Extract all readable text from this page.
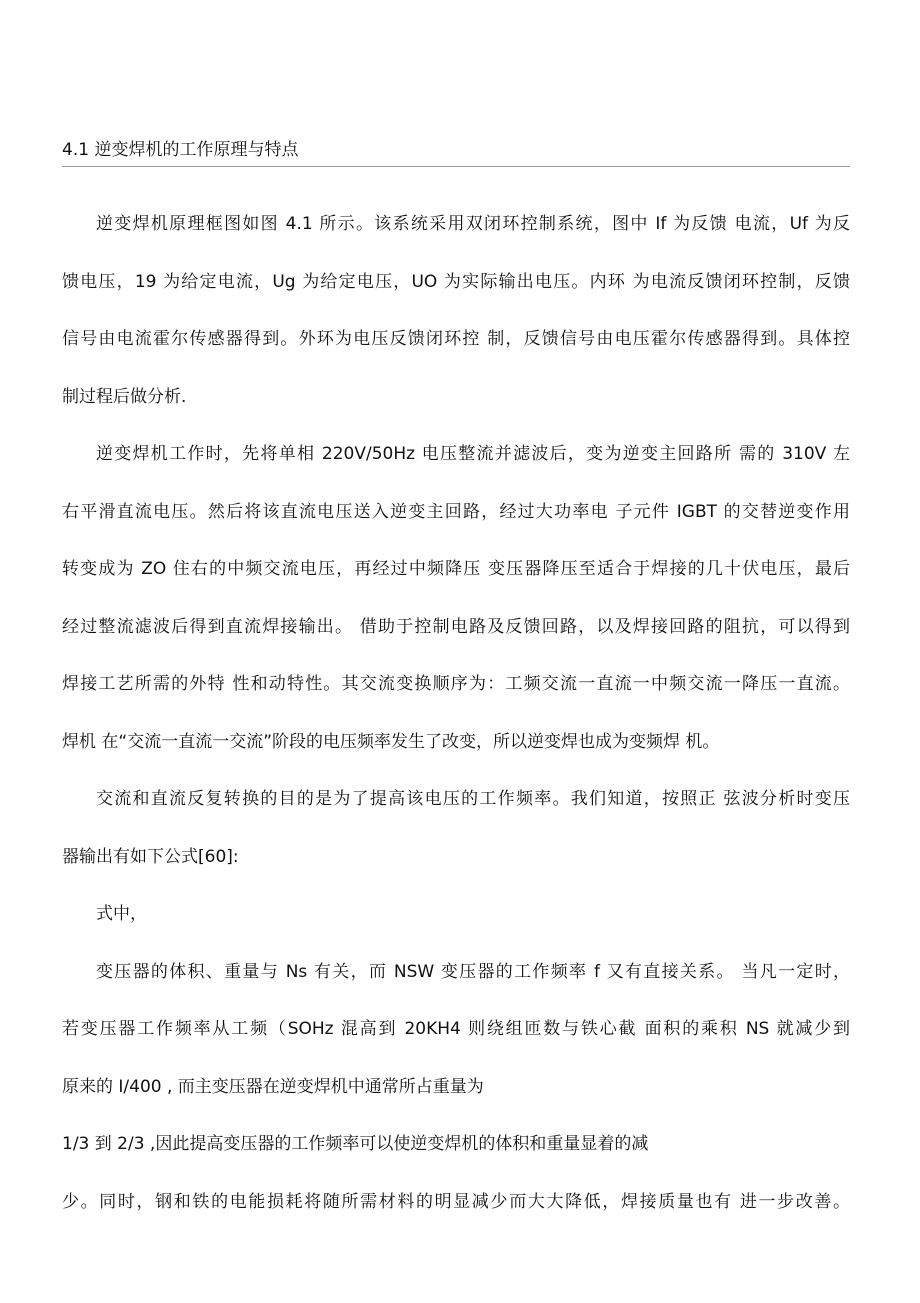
4.1 逆变焊机的工作原理与特点
逆变焊机原理框图如图 4.1 所示。该系统采用双闭环控制系统，图中 If 为反馈 电流，Uf 为反
馈电压，19 为给定电流，Ug 为给定电压，UO 为实际输出电压。内环 为电流反馈闭环控制，反馈
信号由电流霍尔传感器得到。外环为电压反馈闭环控 制，反馈信号由电压霍尔传感器得到。具体控
制过程后做分析.
逆变焊机工作时，先将单相 220V/50Hz 电压整流并滤波后，变为逆变主回路所 需的 310V 左
右平滑直流电压。然后将该直流电压送入逆变主回路，经过大功率电 子元件 IGBT 的交替逆变作用
转变成为 ZO 住右的中频交流电压，再经过中频降压 变压器降压至适合于焊接的几十伏电压，最后
经过整流滤波后得到直流焊接输出。 借助于控制电路及反馈回路，以及焊接回路的阻抗，可以得到
焊接工艺所需的外特 性和动特性。其交流变换顺序为：工频交流一直流一中频交流一降压一直流。
焊机 在“交流一直流一交流”阶段的电压频率发生了改变，所以逆变焊也成为变频焊 机。
交流和直流反复转换的目的是为了提高该电压的工作频率。我们知道，按照正 弦波分析时变压
器输出有如下公式[60]:
式中，
变压器的体积、重量与 Ns 有关，而 NSW 变压器的工作频率 f 又有直接关系。 当凡一定时，
若变压器工作频率从工频（SOHz 混高到 20KH4 则绕组匝数与铁心截 面积的乘积 NS 就减少到
原来的 I/400 , 而主变压器在逆变焊机中通常所占重量为
1/3 到 2/3 ,因此提高变压器的工作频率可以使逆变焊机的体积和重量显着的减
少。同时，钢和铁的电能损耗将随所需材料的明显减少而大大降低，焊接质量也有 进一步改善。
